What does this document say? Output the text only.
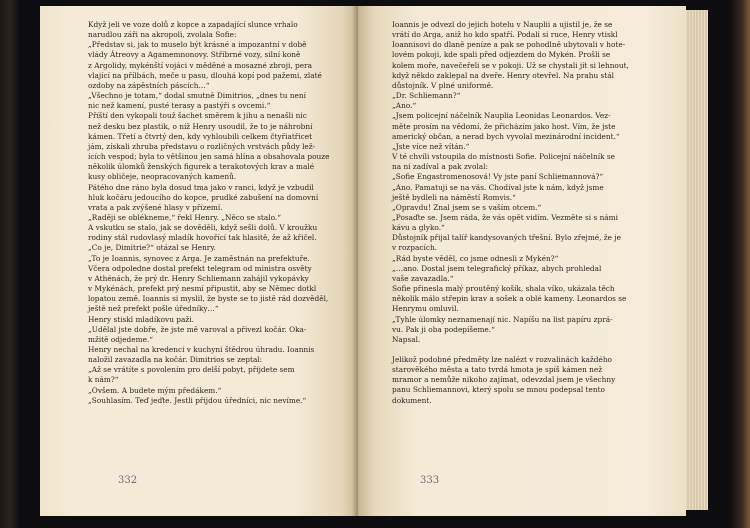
Když jeli ve voze dolů z kopce a zapadající slunce vrhalo

narudlou záři na akropoli, zvolala Sofie:

„Představ si, jak to muselo být krásné a impozantní v době

vlády Átreovy a Agamemnonovy. Stříbrné vozy, silní koně

z Argolidy, mykénští vojáci v měděné a mosazné zbroji, pera

vlající na přílbách, meče u pasu, dlouhá kopí pod pažemi, zlaté

ozdoby na zápěstních páscích…“

„Všechno je totam,“ dodal smutně Dimitrios, „dnes tu není

nic než kamení, pusté terasy a pastýři s ovcemi.“

Příští den vykopali touž šachet směrem k jihu a nenašli nic

než desku bez plastik, o níž Henry usoudil, že to je náhrobní

kámen. Třetí a čtvrtý den, kdy vyhloubili celkem čtyřiatřicet

jám, získali zhruba představu o rozličných vrstvách půdy lež-

ících vespod; byla to většinou jen samá hlína a obsahovala pouze

několik úlomků ženských figurek a terakotových krav a malé

kusy obličeje, neopracovaných kamenů.

Pátého dne ráno byla dosud tma jako v ranci, když je vzbudil

hluk kočáru jedoucího do kopce, prudké zabušení na domovní

vrata a pak zvýšené hlasy v přízemí.

„Raději se oblékneme,“ řekl Henry. „Něco se stalo.“

A vskutku se stalo, jak se dověděli, když sešli dolů. V kroužku

rodiny stál rudovlasý mladík hovořící tak hlasitě, že až křičel.

„Co je, Dimitrie?“ otázal se Henry.

„To je Ioannis, synovec z Arga. Je zaměstnán na prefektuře.

Včera odpoledne dostal prefekt telegram od ministra osvěty

v Athénách, že prý dr. Henry Schliemann zahájil vykopávky

v Mykénách, prefekt prý nesmí připustit, aby se Němec dotkl

lopatou země. Ioannis si myslil, že byste se to jistě rád dozvěděl,

ještě než prefekt pošle úředníky…“

Henry stiskl mladíkovu paži.

„Udělal jste dobře, že jste mě varoval a přivezl kočár. Oka-

mžitě odjedeme.“

Henry nechal na kredenci v kuchyni štědrou úhradu. Ioannis

naložil zavazadla na kočár. Dimitrios se zeptal:

„Až se vrátíte s povolením pro delší pobyt, přijdete sem

k nám?“

„Ovšem. A budete mým předákem.“

„Souhlasím. Teď jeďte. Jestli přijdou úředníci, nic nevíme.“

332

Ioannis je odvezl do jejich hotelu v Nauplii a ujistil je, že se

vrátí do Arga, aniž ho kdo spatří. Podali si ruce, Henry vtiskl

Ioannisovi do dlaně peníze a pak se pohodlně ubytovali v hote-

lovém pokoji, kde spali před odjezdem do Mykén. Prošli se

kolem moře, navečeřeli se v pokoji. Už se chystali jít si lehnout,

když někdo zaklepal na dveře. Henry otevřel. Na prahu stál

důstojník. V plné uniformě.

„Dr. Schliemann?“

„Ano.“

„Jsem policejní náčelník Nauplia Leonidas Leonardos. Vez-

měte prosím na vědomí, že přicházím jako host. Vím, že jste

americký občan, a nerad bych vyvolal mezinárodní incident.“

„Jste více než vítán.“

V té chvíli vstoupila do místnosti Sofie. Policejní náčelník se

na ni zadíval a pak zvolal:

„Sofie Engastromenosová! Vy jste paní Schliemannová?“

„Ano. Pamatuji se na vás. Chodíval jste k nám, když jsme

ještě bydleli na náměstí Romvis.“

„Opravdu! Znal jsem se s vaším otcem.“

„Posaďte se. Jsem ráda, že vás opět vidím. Vezměte si s námi

kávu a glyko.“

Důstojník přijal talíř kandysovaných třešní. Bylo zřejmé, že je

v rozpacích.

„Rád byste věděl, co jsme odnesli z Mykén?“

„…ano. Dostal jsem telegrafický příkaz, abych prohledal

vaše zavazadla.“

Sofie přinesla malý proutěný košík, shala víko, ukázala těch

několik málo střepin krav a sošek a oblé kameny. Leonardos se

Henrymu omluvil.

„Tyhle úlomky neznamenají nic. Napíšu na list papíru zprá-

vu. Pak ji oba podepíšeme.“

Napsal.

Jelikož podobné předměty lze nalézt v rozvalinách každého

starověkého města a tato tvrdá hmota je spíš kámen než

mramor a nemůže nikoho zajímat, odevzdal jsem je všechny

panu Schliemannovi, který spolu se mnou podepsal tento

dokument.

333
